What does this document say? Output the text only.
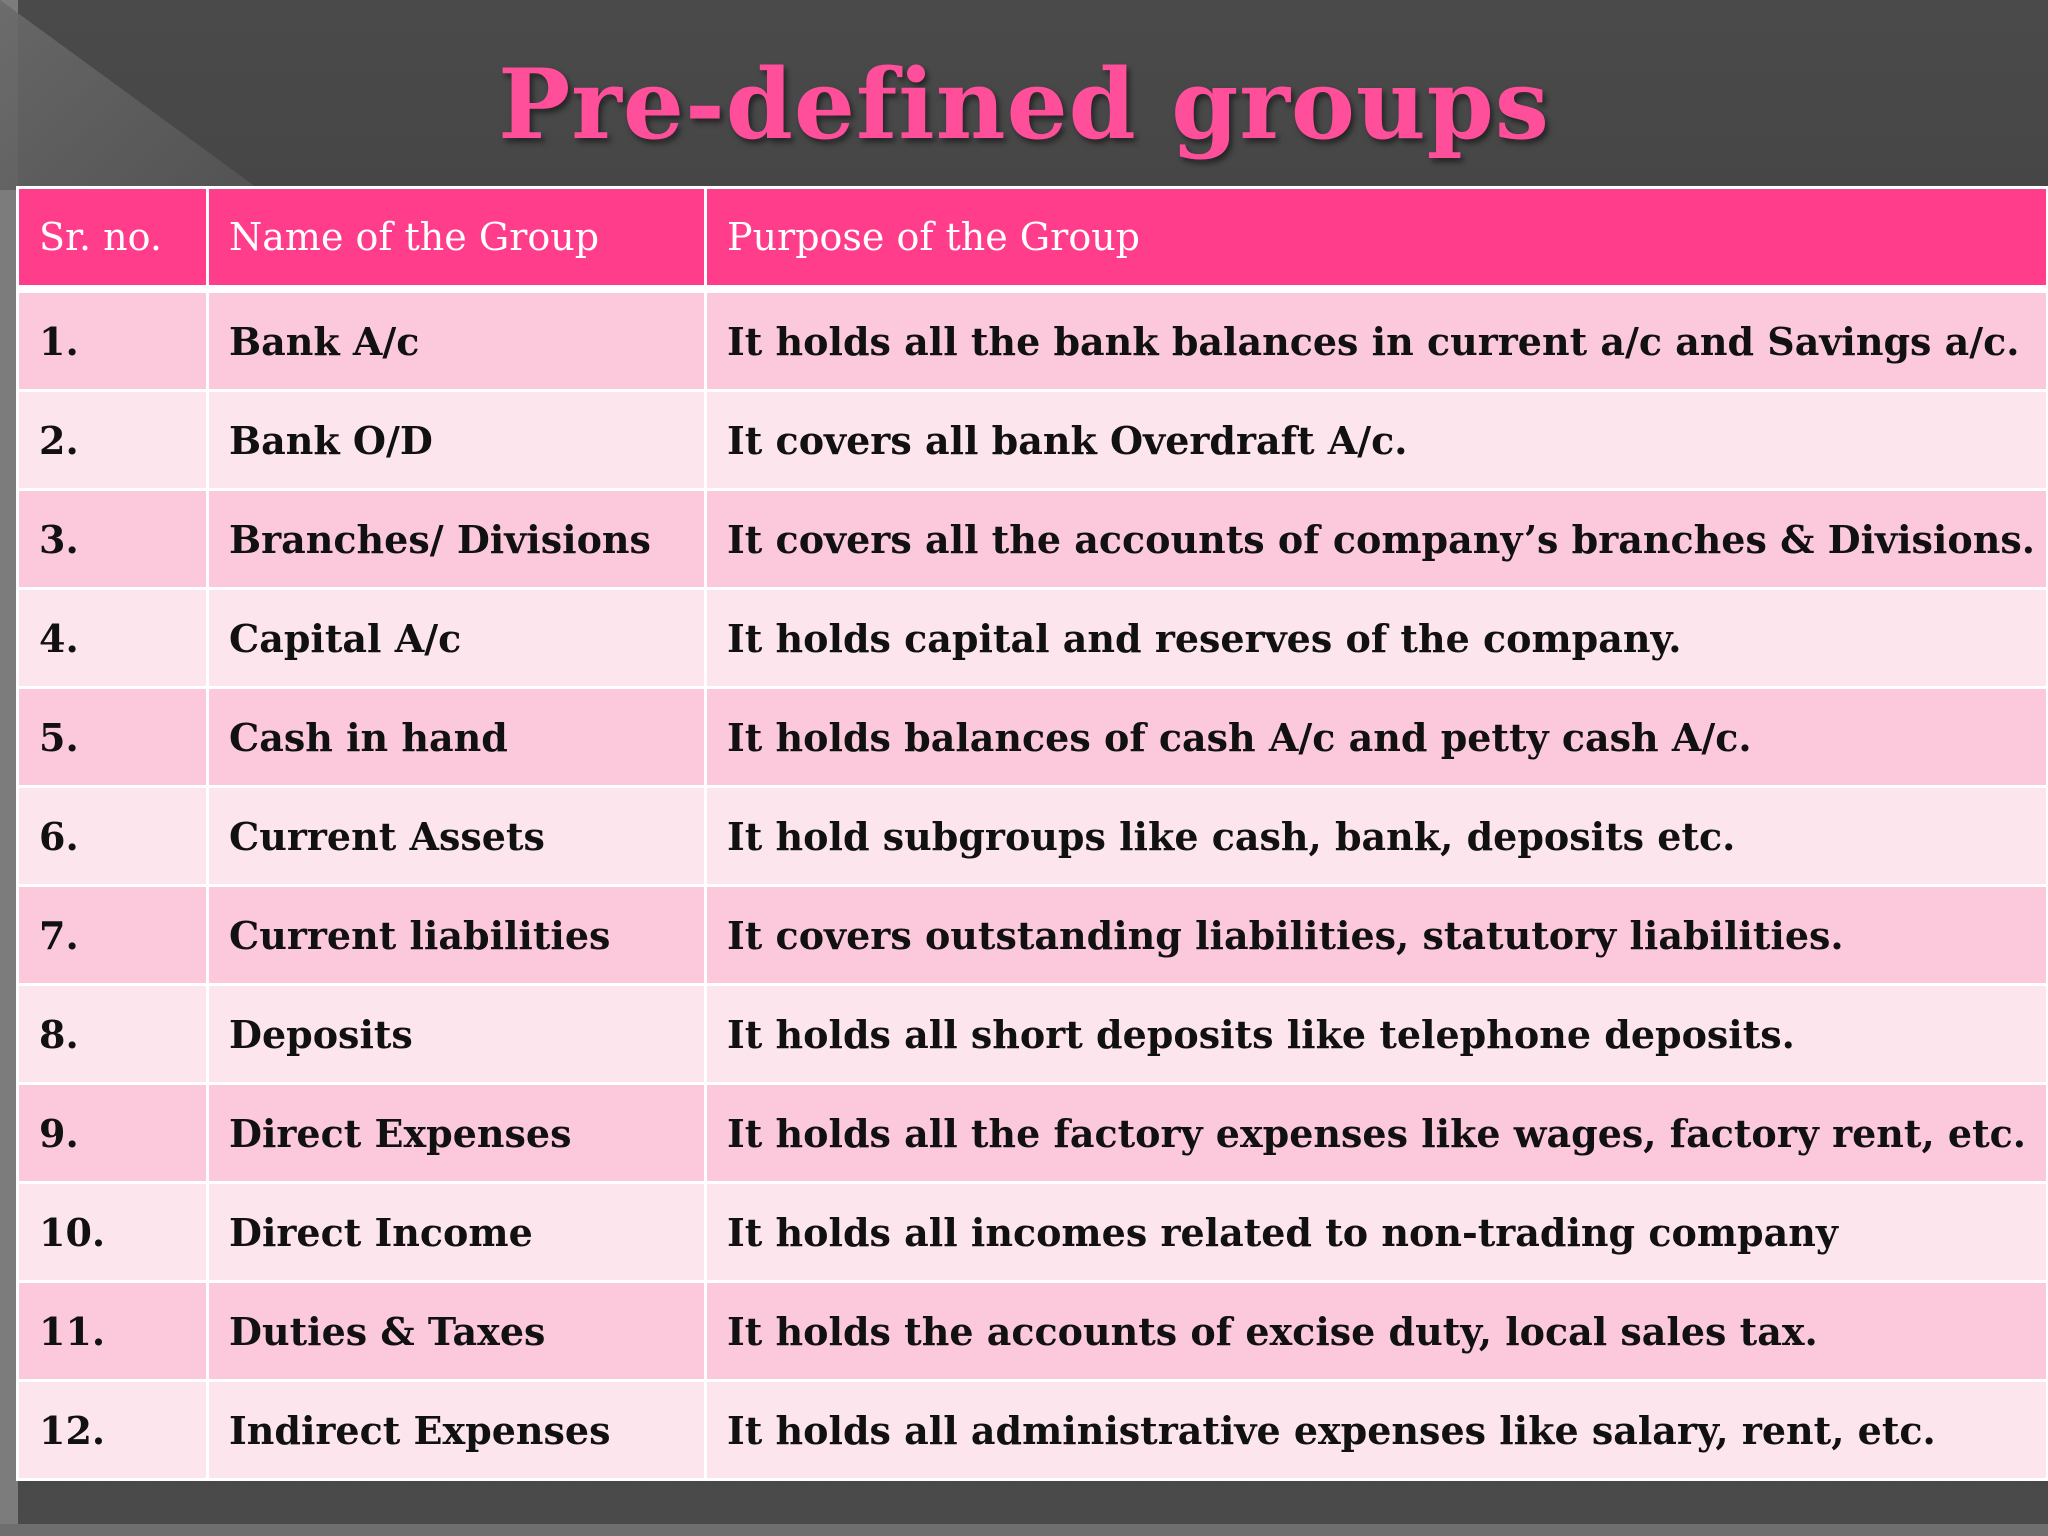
Pre-defined groups
Sr. no.	Name of the Group	Purpose of the Group
1.	Bank A/c	It holds all the bank balances in current a/c and Savings a/c.
2.	Bank O/D	It covers all bank Overdraft A/c.
3.	Branches/ Divisions	It covers all the accounts of company’s branches & Divisions.
4.	Capital A/c	It holds capital and reserves of the company.
5.	Cash in hand	It holds balances of cash A/c and petty cash A/c.
6.	Current Assets	It hold subgroups like cash, bank, deposits etc.
7.	Current liabilities	It covers outstanding liabilities, statutory liabilities.
8.	Deposits	It holds all short deposits like telephone deposits.
9.	Direct Expenses	It holds all the factory expenses like wages, factory rent, etc.
10.	Direct Income	It holds all incomes related to non-trading company
11.	Duties & Taxes	It holds the accounts of excise duty, local sales tax.
12.	Indirect Expenses	It holds all administrative expenses like salary, rent, etc.
